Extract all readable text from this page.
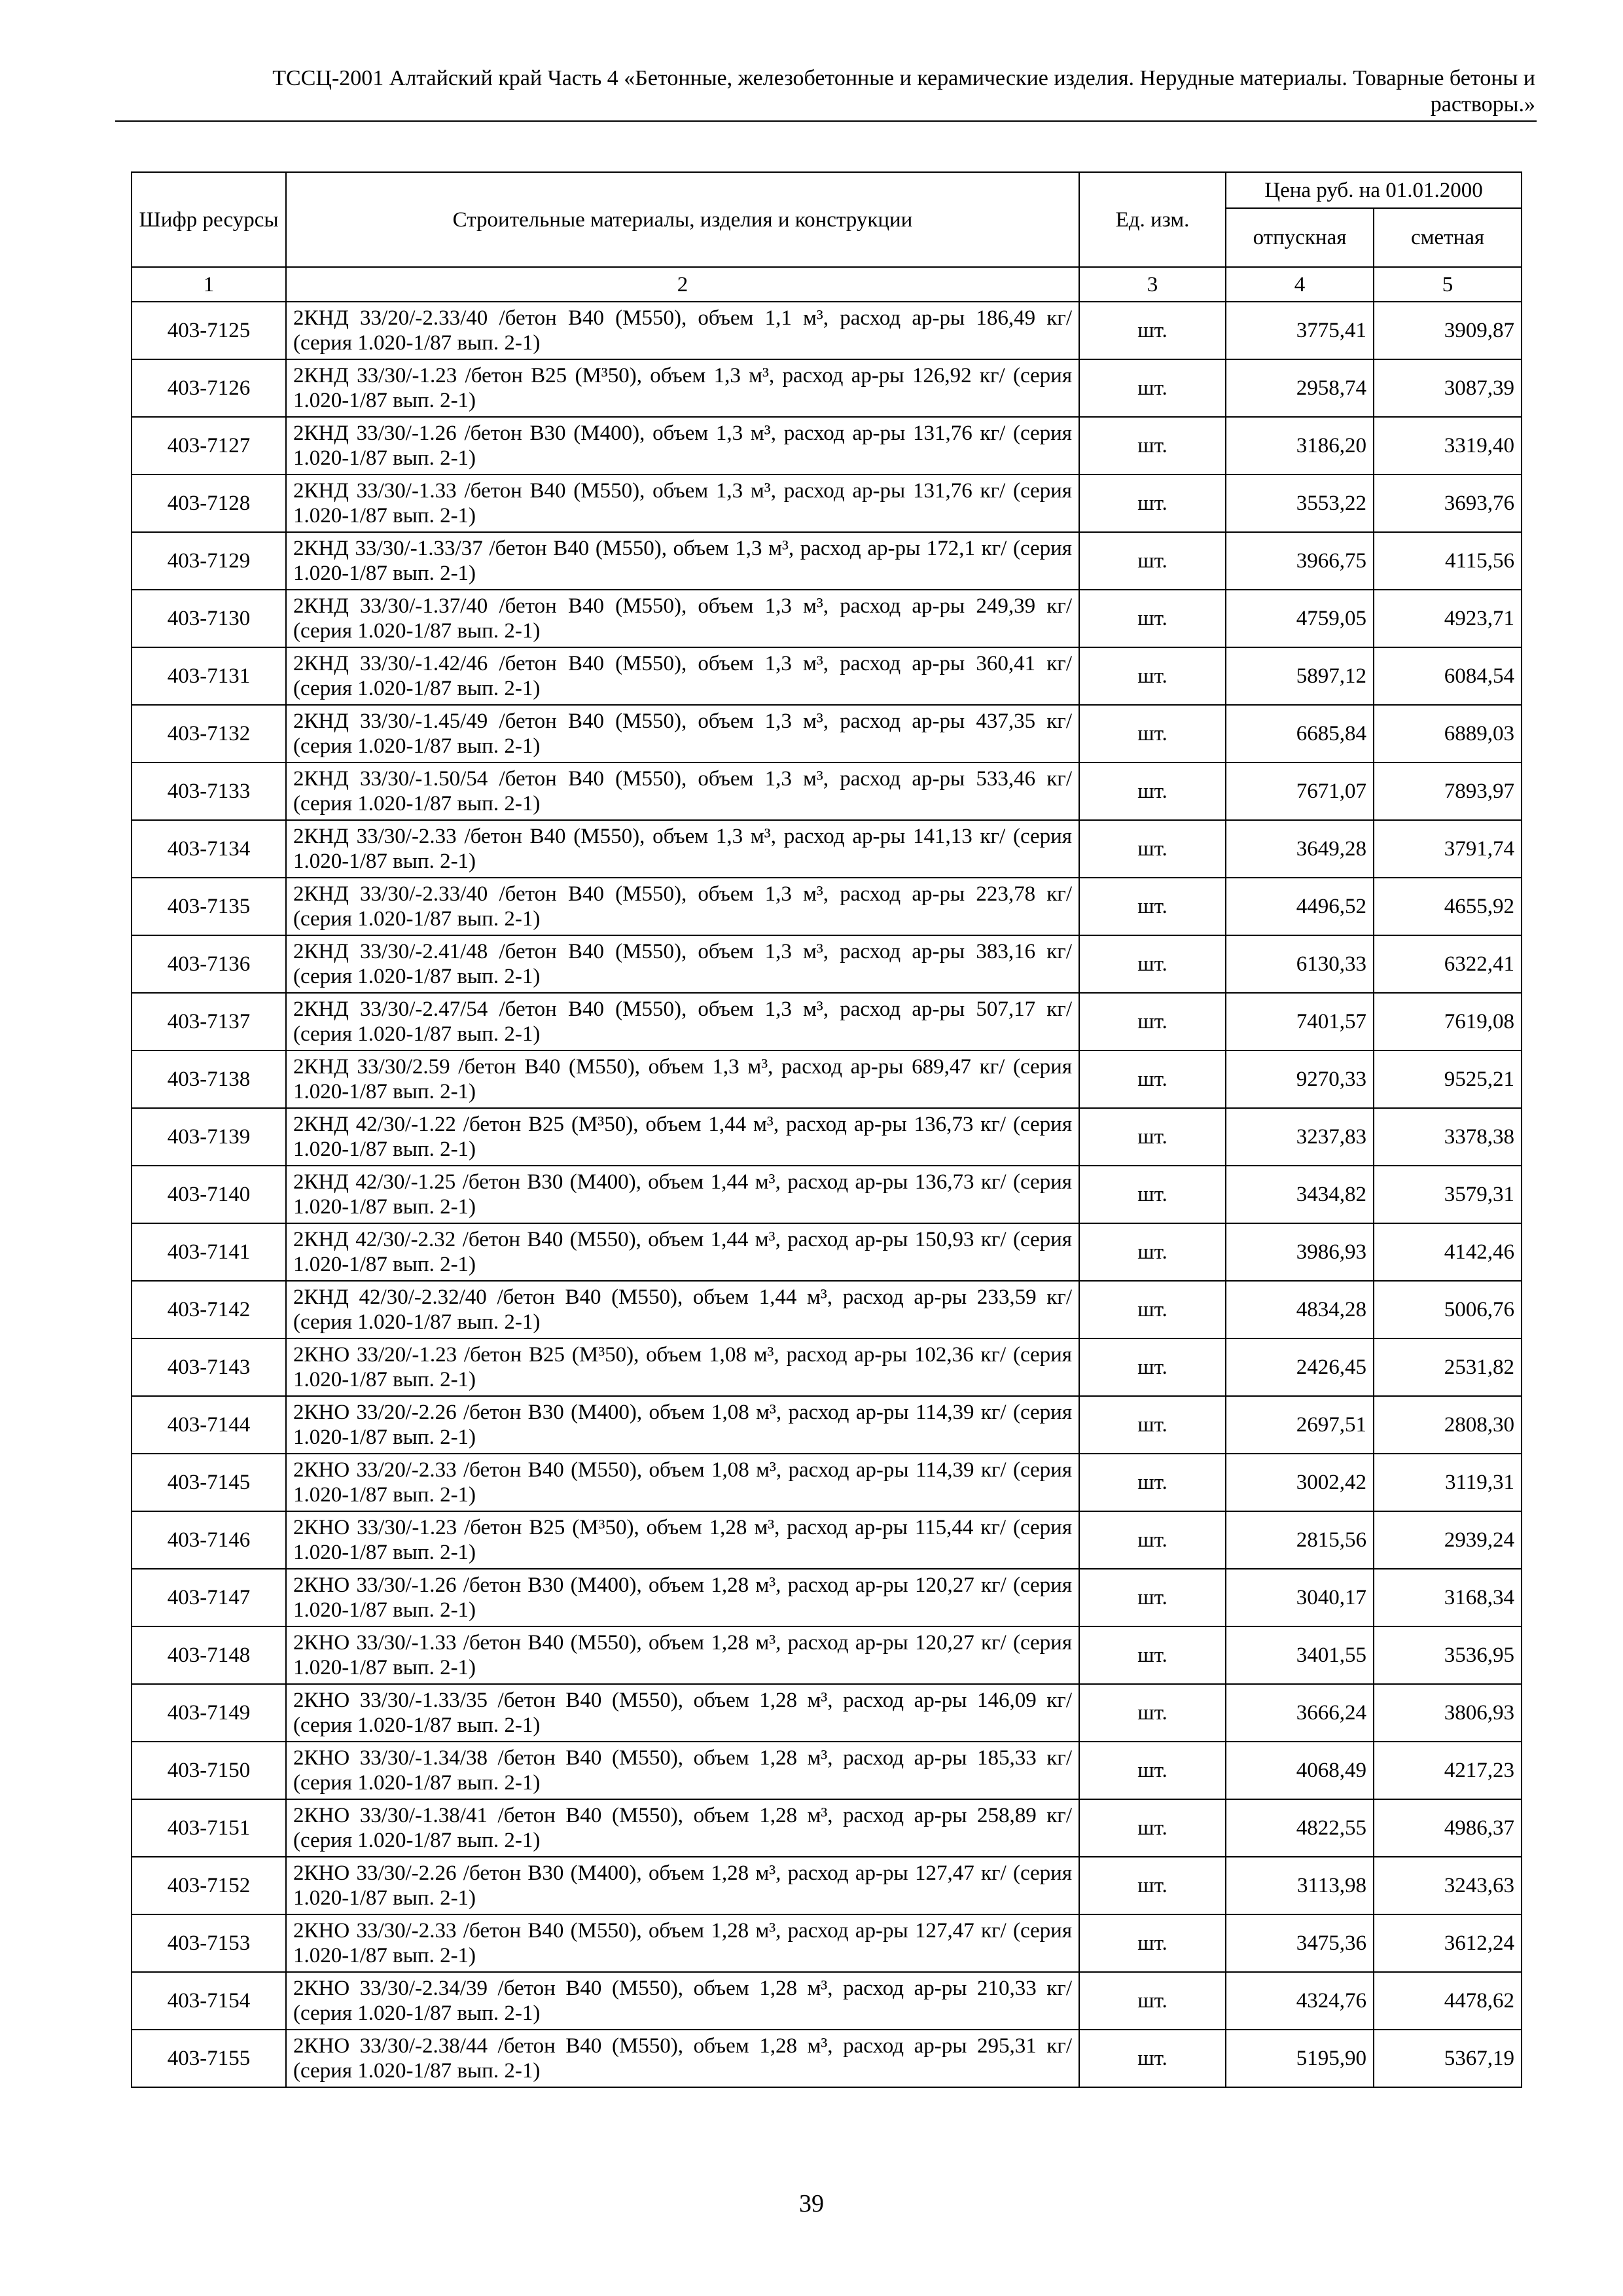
ТССЦ-2001 Алтайский край Часть 4 «Бетонные, железобетонные и керамические изделия. Нерудные материалы. Товарные бетоны и
растворы.»
Шифр ресурсы	Строительные материалы, изделия и конструкции	Ед. изм.	Цена руб. на 01.01.2000	
			отпускная	сметная
1	2	3	4	5
403-7125	2КНД 33/20/-2.33/40 /бетон В40 (М550), объем 1,1 м³, расход ар-ры 186,49 кг/ (серия 1.020-1/87 вып. 2-1)	шт.	3775,41	3909,87
403-7126	2КНД 33/30/-1.23 /бетон В25 (М³50), объем 1,3 м³, расход ар-ры 126,92 кг/ (серия 1.020-1/87 вып. 2-1)	шт.	2958,74	3087,39
403-7127	2КНД 33/30/-1.26 /бетон В30 (М400), объем 1,3 м³, расход ар-ры 131,76 кг/ (серия 1.020-1/87 вып. 2-1)	шт.	3186,20	3319,40
403-7128	2КНД 33/30/-1.33 /бетон В40 (М550), объем 1,3 м³, расход ар-ры 131,76 кг/ (серия 1.020-1/87 вып. 2-1)	шт.	3553,22	3693,76
403-7129	2КНД 33/30/-1.33/37 /бетон В40 (М550), объем 1,3 м³, расход ар-ры 172,1 кг/ (серия 1.020-1/87 вып. 2-1)	шт.	3966,75	4115,56
403-7130	2КНД 33/30/-1.37/40 /бетон В40 (М550), объем 1,3 м³, расход ар-ры 249,39 кг/ (серия 1.020-1/87 вып. 2-1)	шт.	4759,05	4923,71
403-7131	2КНД 33/30/-1.42/46 /бетон В40 (М550), объем 1,3 м³, расход ар-ры 360,41 кг/ (серия 1.020-1/87 вып. 2-1)	шт.	5897,12	6084,54
403-7132	2КНД 33/30/-1.45/49 /бетон В40 (М550), объем 1,3 м³, расход ар-ры 437,35 кг/ (серия 1.020-1/87 вып. 2-1)	шт.	6685,84	6889,03
403-7133	2КНД 33/30/-1.50/54 /бетон В40 (М550), объем 1,3 м³, расход ар-ры 533,46 кг/ (серия 1.020-1/87 вып. 2-1)	шт.	7671,07	7893,97
403-7134	2КНД 33/30/-2.33 /бетон В40 (М550), объем 1,3 м³, расход ар-ры 141,13 кг/ (серия 1.020-1/87 вып. 2-1)	шт.	3649,28	3791,74
403-7135	2КНД 33/30/-2.33/40 /бетон В40 (М550), объем 1,3 м³, расход ар-ры 223,78 кг/ (серия 1.020-1/87 вып. 2-1)	шт.	4496,52	4655,92
403-7136	2КНД 33/30/-2.41/48 /бетон В40 (М550), объем 1,3 м³, расход ар-ры 383,16 кг/ (серия 1.020-1/87 вып. 2-1)	шт.	6130,33	6322,41
403-7137	2КНД 33/30/-2.47/54 /бетон В40 (М550), объем 1,3 м³, расход ар-ры 507,17 кг/ (серия 1.020-1/87 вып. 2-1)	шт.	7401,57	7619,08
403-7138	2КНД 33/30/2.59 /бетон В40 (М550), объем 1,3 м³, расход ар-ры 689,47 кг/ (серия 1.020-1/87 вып. 2-1)	шт.	9270,33	9525,21
403-7139	2КНД 42/30/-1.22 /бетон В25 (М³50), объем 1,44 м³, расход ар-ры 136,73 кг/ (серия 1.020-1/87 вып. 2-1)	шт.	3237,83	3378,38
403-7140	2КНД 42/30/-1.25 /бетон В30 (М400), объем 1,44 м³, расход ар-ры 136,73 кг/ (серия 1.020-1/87 вып. 2-1)	шт.	3434,82	3579,31
403-7141	2КНД 42/30/-2.32 /бетон В40 (М550), объем 1,44 м³, расход ар-ры 150,93 кг/ (серия 1.020-1/87 вып. 2-1)	шт.	3986,93	4142,46
403-7142	2КНД 42/30/-2.32/40 /бетон В40 (М550), объем 1,44 м³, расход ар-ры 233,59 кг/ (серия 1.020-1/87 вып. 2-1)	шт.	4834,28	5006,76
403-7143	2КНО 33/20/-1.23 /бетон В25 (М³50), объем 1,08 м³, расход ар-ры 102,36 кг/ (серия 1.020-1/87 вып. 2-1)	шт.	2426,45	2531,82
403-7144	2КНО 33/20/-2.26 /бетон В30 (М400), объем 1,08 м³, расход ар-ры 114,39 кг/ (серия 1.020-1/87 вып. 2-1)	шт.	2697,51	2808,30
403-7145	2КНО 33/20/-2.33 /бетон В40 (М550), объем 1,08 м³, расход ар-ры 114,39 кг/ (серия 1.020-1/87 вып. 2-1)	шт.	3002,42	3119,31
403-7146	2КНО 33/30/-1.23 /бетон В25 (М³50), объем 1,28 м³, расход ар-ры 115,44 кг/ (серия 1.020-1/87 вып. 2-1)	шт.	2815,56	2939,24
403-7147	2КНО 33/30/-1.26 /бетон В30 (М400), объем 1,28 м³, расход ар-ры 120,27 кг/ (серия 1.020-1/87 вып. 2-1)	шт.	3040,17	3168,34
403-7148	2КНО 33/30/-1.33 /бетон В40 (М550), объем 1,28 м³, расход ар-ры 120,27 кг/ (серия 1.020-1/87 вып. 2-1)	шт.	3401,55	3536,95
403-7149	2КНО 33/30/-1.33/35 /бетон В40 (М550), объем 1,28 м³, расход ар-ры 146,09 кг/ (серия 1.020-1/87 вып. 2-1)	шт.	3666,24	3806,93
403-7150	2КНО 33/30/-1.34/38 /бетон В40 (М550), объем 1,28 м³, расход ар-ры 185,33 кг/ (серия 1.020-1/87 вып. 2-1)	шт.	4068,49	4217,23
403-7151	2КНО 33/30/-1.38/41 /бетон В40 (М550), объем 1,28 м³, расход ар-ры 258,89 кг/ (серия 1.020-1/87 вып. 2-1)	шт.	4822,55	4986,37
403-7152	2КНО 33/30/-2.26 /бетон В30 (М400), объем 1,28 м³, расход ар-ры 127,47 кг/ (серия 1.020-1/87 вып. 2-1)	шт.	3113,98	3243,63
403-7153	2КНО 33/30/-2.33 /бетон В40 (М550), объем 1,28 м³, расход ар-ры 127,47 кг/ (серия 1.020-1/87 вып. 2-1)	шт.	3475,36	3612,24
403-7154	2КНО 33/30/-2.34/39 /бетон В40 (М550), объем 1,28 м³, расход ар-ры 210,33 кг/ (серия 1.020-1/87 вып. 2-1)	шт.	4324,76	4478,62
403-7155	2КНО 33/30/-2.38/44 /бетон В40 (М550), объем 1,28 м³, расход ар-ры 295,31 кг/ (серия 1.020-1/87 вып. 2-1)	шт.	5195,90	5367,19
39
